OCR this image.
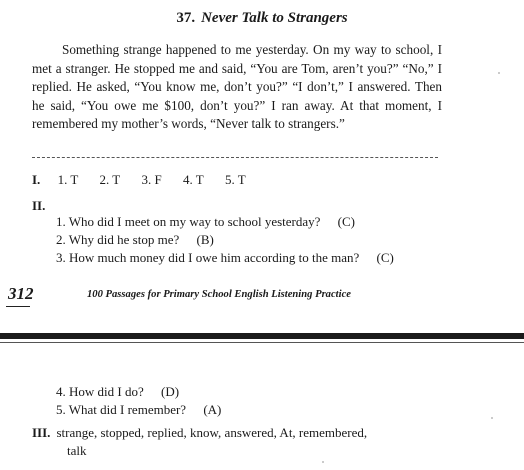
37. Never Talk to Strangers

Something strange happened to me yesterday. On my way to school, I met a stranger. He stopped me and said, “You are Tom, aren’t you?” “No,” I replied. He asked, “You know me, don’t you?” “I don’t,” I answered. Then he said, “You owe me $100, don’t you?” I ran away. At that moment, I remembered my mother’s words, “Never talk to strangers.”

I. 1. T 2. T 3. F 4. T 5. T
II.
1. Who did I meet on my way to school yesterday? (C)
2. Why did he stop me? (B)
3. How much money did I owe him according to the man? (C)
312	100 Passages for Primary School English Listening Practice
4. How did I do? (D)
5. What did I remember? (A)
III. strange, stopped, replied, know, answered, At, remembered,
talk
